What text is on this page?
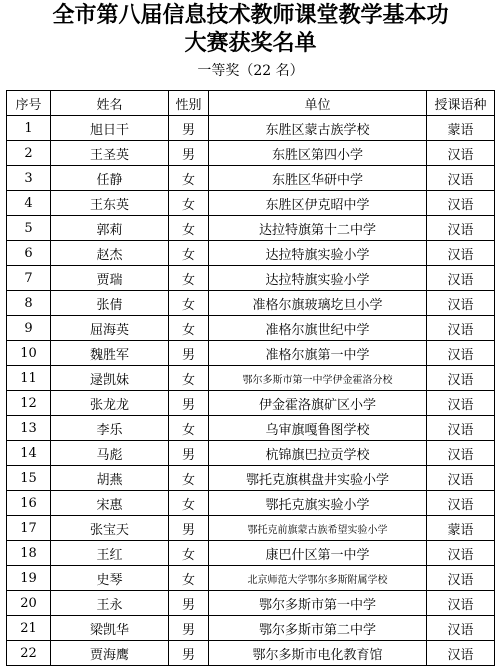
全市第八届信息技术教师课堂教学基本功
大赛获奖名单
一等奖（22 名）
序号	姓名	性别	单位	授课语种
1	旭日干	男	东胜区蒙古族学校	蒙语
2	王圣英	男	东胜区第四小学	汉语
3	任静	女	东胜区华研中学	汉语
4	王东英	女	东胜区伊克昭中学	汉语
5	郭莉	女	达拉特旗第十二中学	汉语
6	赵杰	女	达拉特旗实验小学	汉语
7	贾瑞	女	达拉特旗实验小学	汉语
8	张倩	女	准格尔旗玻璃圪旦小学	汉语
9	屈海英	女	准格尔旗世纪中学	汉语
10	魏胜军	男	准格尔旗第一中学	汉语
11	逯凯妹	女	鄂尔多斯市第一中学伊金霍洛分校	汉语
12	张龙龙	男	伊金霍洛旗矿区小学	汉语
13	李乐	女	乌审旗嘎鲁图学校	汉语
14	马彪	男	杭锦旗巴拉贡学校	汉语
15	胡燕	女	鄂托克旗棋盘井实验小学	汉语
16	宋惠	女	鄂托克旗实验小学	汉语
17	张宝天	男	鄂托克前旗蒙古族希望实验小学	蒙语
18	王红	女	康巴什区第一中学	汉语
19	史琴	女	北京师范大学鄂尔多斯附属学校	汉语
20	王永	男	鄂尔多斯市第一中学	汉语
21	梁凯华	男	鄂尔多斯市第二中学	汉语
22	贾海鹰	男	鄂尔多斯市电化教育馆	汉语
